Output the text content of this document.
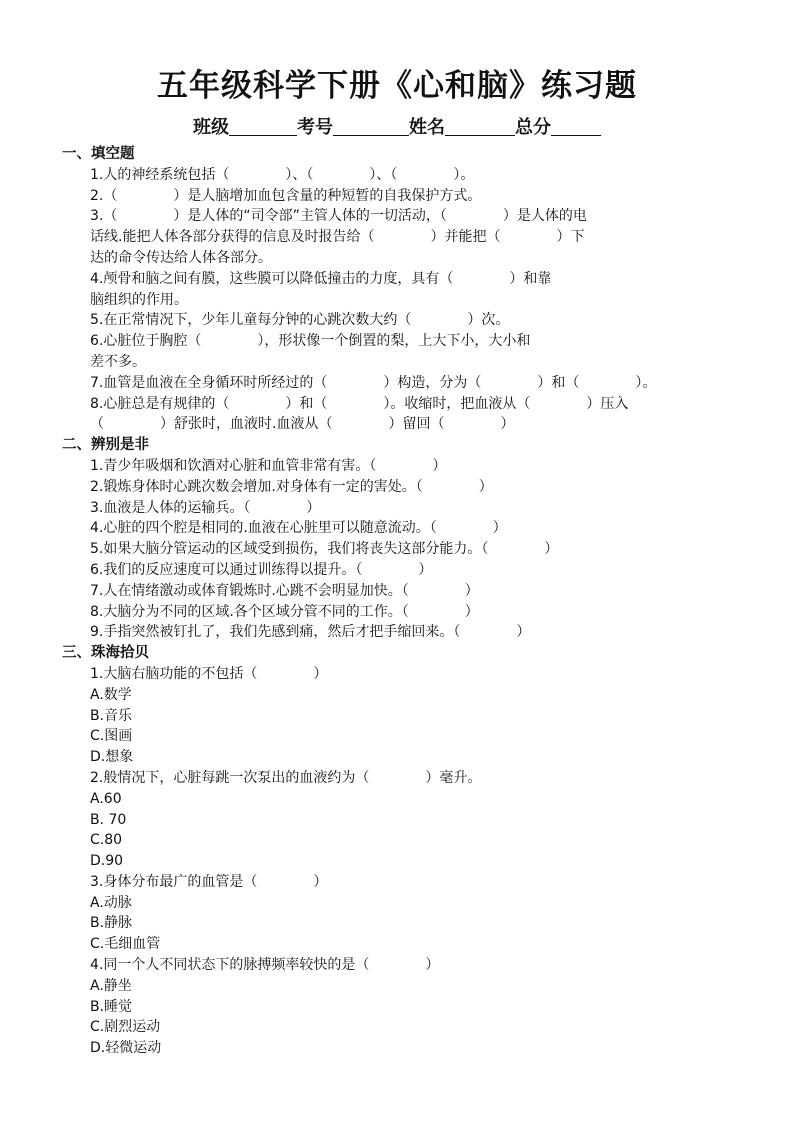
五年级科学下册《心和脑》练习题
班级	考号	姓名	总分
一、填空题
1.人的神经系统包括（　　　　）、（　　　　）、（　　　　）。
2.（　　　　）是人脑增加血包含量的种短暂的自我保护方式。
3.（　　　　）是人体的“司令部”主管人体的一切活动，（　　　　）是人体的电
话线.能把人体各部分获得的信息及时报告给（　　　　）并能把（　　　　）下
达的命令传达给人体各部分。
4.颅骨和脑之间有膜，这些膜可以降低撞击的力度，具有（　　　　）和靠
脑组织的作用。
5.在正常情况下，少年儿童每分钟的心跳次数大约（　　　　）次。
6.心脏位于胸腔（　　　　），形状像一个倒置的梨，上大下小，大小和
差不多。
7.血管是血液在全身循环时所经过的（　　　　）构造，分为（　　　　）和（　　　　）。
8.心脏总是有规律的（　　　　）和（　　　　）。收缩时，把血液从（　　　　）压入
（　　　　）舒张时，血液时.血液从（　　　　）留回（　　　　）
二、辨别是非
1.青少年吸烟和饮酒对心脏和血管非常有害。（　　　　）
2.锻炼身体时心跳次数会增加.对身体有一定的害处。（　　　　）
3.血液是人体的运输兵。（　　　　）
4.心脏的四个腔是相同的.血液在心脏里可以随意流动。（　　　　）
5.如果大脑分管运动的区域受到损伤，我们将丧失这部分能力。（　　　　）
6.我们的反应速度可以通过训练得以提升。（　　　　）
7.人在情绪激动或体育锻炼时.心跳不会明显加快。（　　　　）
8.大脑分为不同的区域.各个区域分管不同的工作。（　　　　）
9.手指突然被钉扎了，我们先感到痛，然后才把手缩回来。（　　　　）
三、珠海拾贝
1.大脑右脑功能的不包括（　　　　）
A.数学
B.音乐
C.图画
D.想象
2.般情况下，心脏每跳一次泵出的血液约为（　　　　）毫升。
A.60
B. 70
C.80
D.90
3.身体分布最广的血管是（　　　　）
A.动脉
B.静脉
C.毛细血管
4.同一个人不同状态下的脉搏频率较快的是（　　　　）
A.静坐
B.睡觉
C.剧烈运动
D.轻微运动
